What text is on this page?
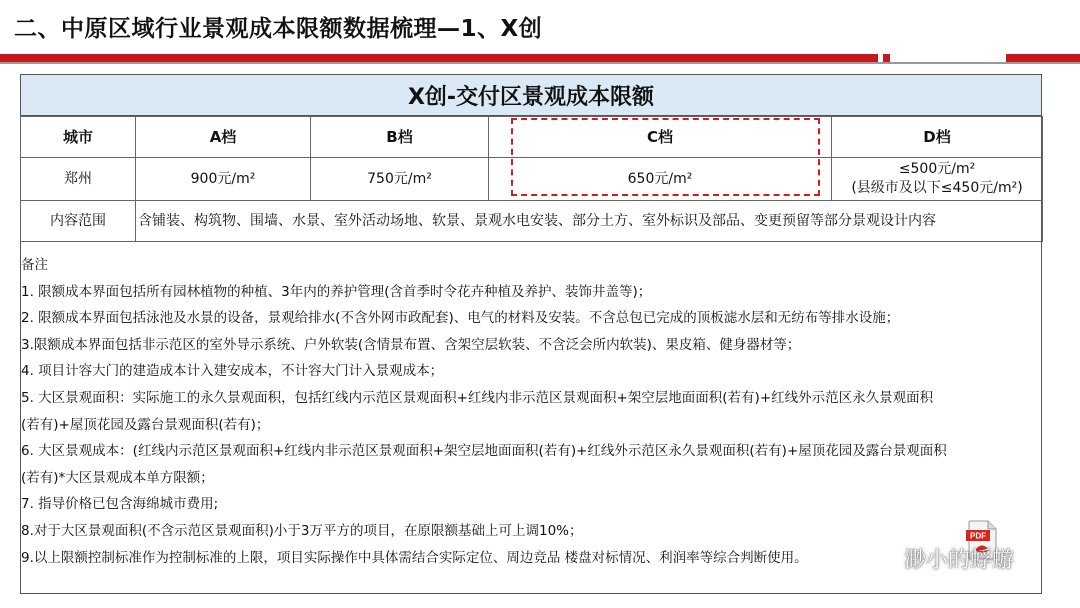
二、中原区域行业景观成本限额数据梳理—1、X创
X创-交付区景观成本限额
城市	A档	B档	C档	D档
郑州	900元/m²	750元/m²	650元/m²	≤500元/m²
(县级市及以下≤450元/m²)

内容范围	含铺装、构筑物、围墙、水景、室外活动场地、软景、景观水电安装、部分土方、室外标识及部品、变更预留等部分景观设计内容			
备注
1. 限额成本界面包括所有园林植物的种植、3年内的养护管理(含首季时令花卉种植及养护、装饰井盖等)；
2. 限额成本界面包括泳池及水景的设备，景观给排水(不含外网市政配套)、电气的材料及安装。不含总包已完成的顶板滤水层和无纺布等排水设施；
3.限额成本界面包括非示范区的室外导示系统、户外软装(含情景布置、含架空层软装、不含泛会所内软装)、果皮箱、健身器材等；
4. 项目计容大门的建造成本计入建安成本，不计容大门计入景观成本；
5. 大区景观面积：实际施工的永久景观面积，包括红线内示范区景观面积+红线内非示范区景观面积+架空层地面面积(若有)+红线外示范区永久景观面积
(若有)+屋顶花园及露台景观面积(若有)；
6. 大区景观成本：(红线内示范区景观面积+红线内非示范区景观面积+架空层地面面积(若有)+红线外示范区永久景观面积(若有)+屋顶花园及露台景观面积
(若有)*大区景观成本单方限额；
7. 指导价格已包含海绵城市费用;
8.对于大区景观面积(不含示范区景观面积)小于3万平方的项目，在原限额基础上可上调10%；
9.以上限额控制标准作为控制标准的上限，项目实际操作中具体需结合实际定位、周边竞品 楼盘对标情况、利润率等综合判断使用。
PDF
渺小的蜉蝣
